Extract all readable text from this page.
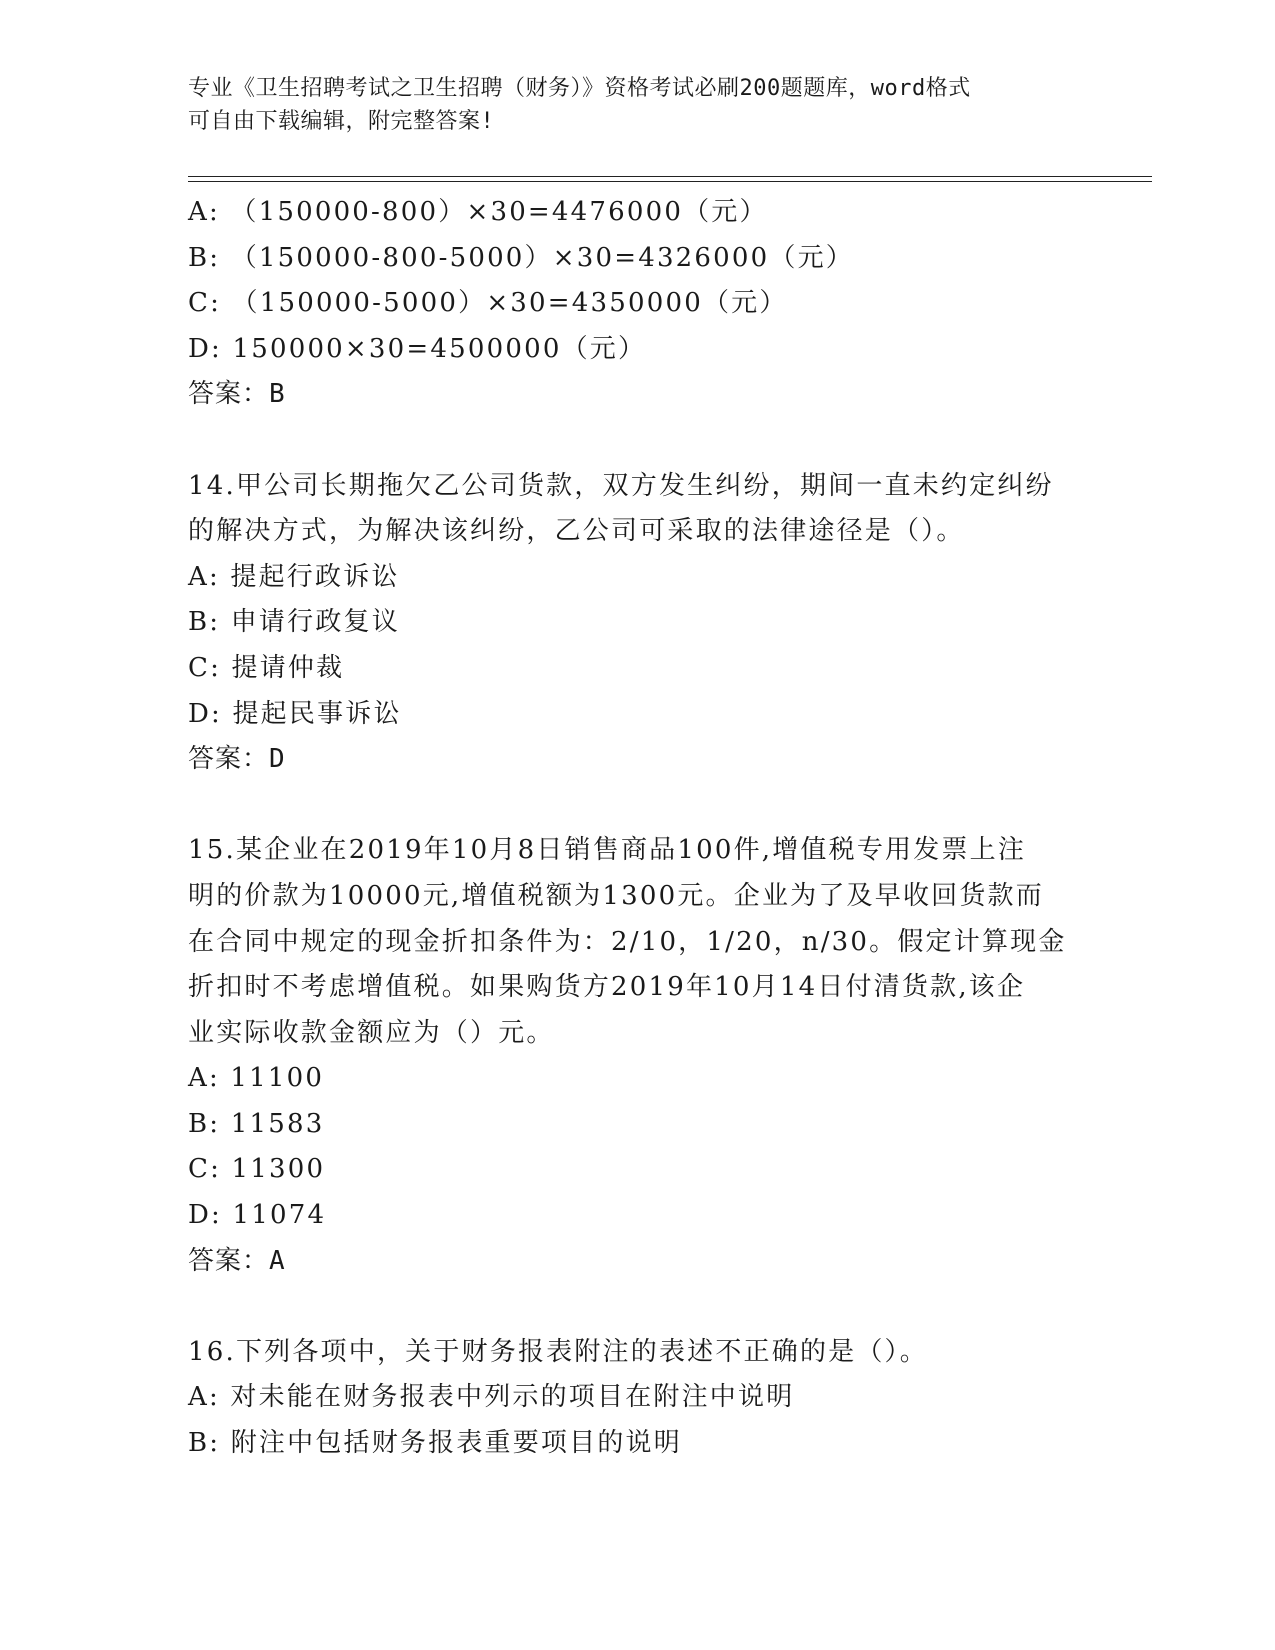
专业《卫生招聘考试之卫生招聘（财务）》资格考试必刷200题题库，word格式
可自由下载编辑，附完整答案!
A: （150000-800）×30=4476000（元）
B: （150000-800-5000）×30=4326000（元）
C: （150000-5000）×30=4350000（元）
D: 150000×30=4500000（元）
答案：B
14.甲公司长期拖欠乙公司货款，双方发生纠纷，期间一直未约定纠纷
的解决方式，为解决该纠纷，乙公司可采取的法律途径是（）。
A: 提起行政诉讼
B: 申请行政复议
C: 提请仲裁
D: 提起民事诉讼
答案：D
15.某企业在2019年10月8日销售商品100件,增值税专用发票上注
明的价款为10000元,增值税额为1300元。企业为了及早收回货款而
在合同中规定的现金折扣条件为：2/10，1/20，n/30。假定计算现金
折扣时不考虑增值税。如果购货方2019年10月14日付清货款,该企
业实际收款金额应为（）元。
A: 11100
B: 11583
C: 11300
D: 11074
答案：A
16.下列各项中，关于财务报表附注的表述不正确的是（）。
A: 对未能在财务报表中列示的项目在附注中说明
B: 附注中包括财务报表重要项目的说明
